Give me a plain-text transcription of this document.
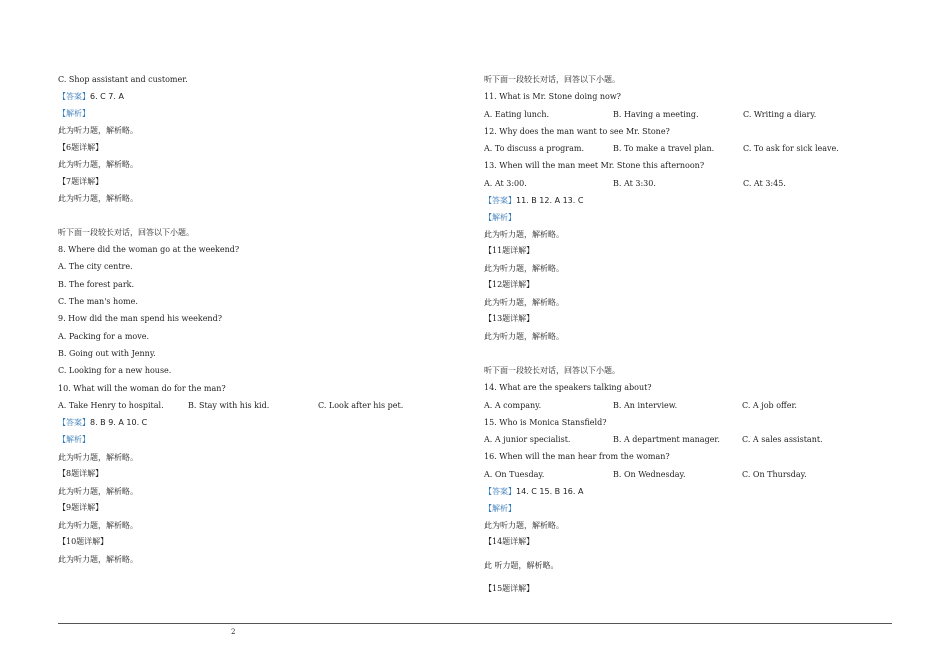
C. Shop assistant and customer.
【答案】6. C 7. A
【解析】
此为听力题，解析略。
【6题详解】
此为听力题，解析略。
【7题详解】
此为听力题，解析略。
听下面一段较长对话，回答以下小题。
8. Where did the woman go at the weekend?
A. The city centre.
B. The forest park.
C. The man's home.
9. How did the man spend his weekend?
A. Packing for a move.
B. Going out with Jenny.
C. Looking for a new house.
10. What will the woman do for the man?
A. Take Henry to hospital.	B. Stay with his kid.	C. Look after his pet.
【答案】8. B 9. A 10. C
【解析】
此为听力题，解析略。
【8题详解】
此为听力题，解析略。
【9题详解】
此为听力题，解析略。
【10题详解】
此为听力题，解析略。
听下面一段较长对话，回答以下小题。
11. What is Mr. Stone doing now?
A. Eating lunch.	B. Having a meeting.	C. Writing a diary.
12. Why does the man want to see Mr. Stone?
A. To discuss a program.	B. To make a travel plan.	C. To ask for sick leave.
13. When will the man meet Mr. Stone this afternoon?
A. At 3:00.	B. At 3:30.	C. At 3:45.
【答案】11. B 12. A 13. C
【解析】
此为听力题，解析略。
【11题详解】
此为听力题，解析略。
【12题详解】
此为听力题，解析略。
【13题详解】
此为听力题，解析略。
听下面一段较长对话，回答以下小题。
14. What are the speakers talking about?
A. A company.	B. An interview.	C. A job offer.
15. Who is Monica Stansfield?
A. A junior specialist.	B. A department manager.	C. A sales assistant.
16. When will the man hear from the woman?
A. On Tuesday.	B. On Wednesday.	C. On Thursday.
【答案】14. C 15. B 16. A
【解析】
此为听力题，解析略。
【14题详解】
此 听力题，解析略。
【15题详解】
2
